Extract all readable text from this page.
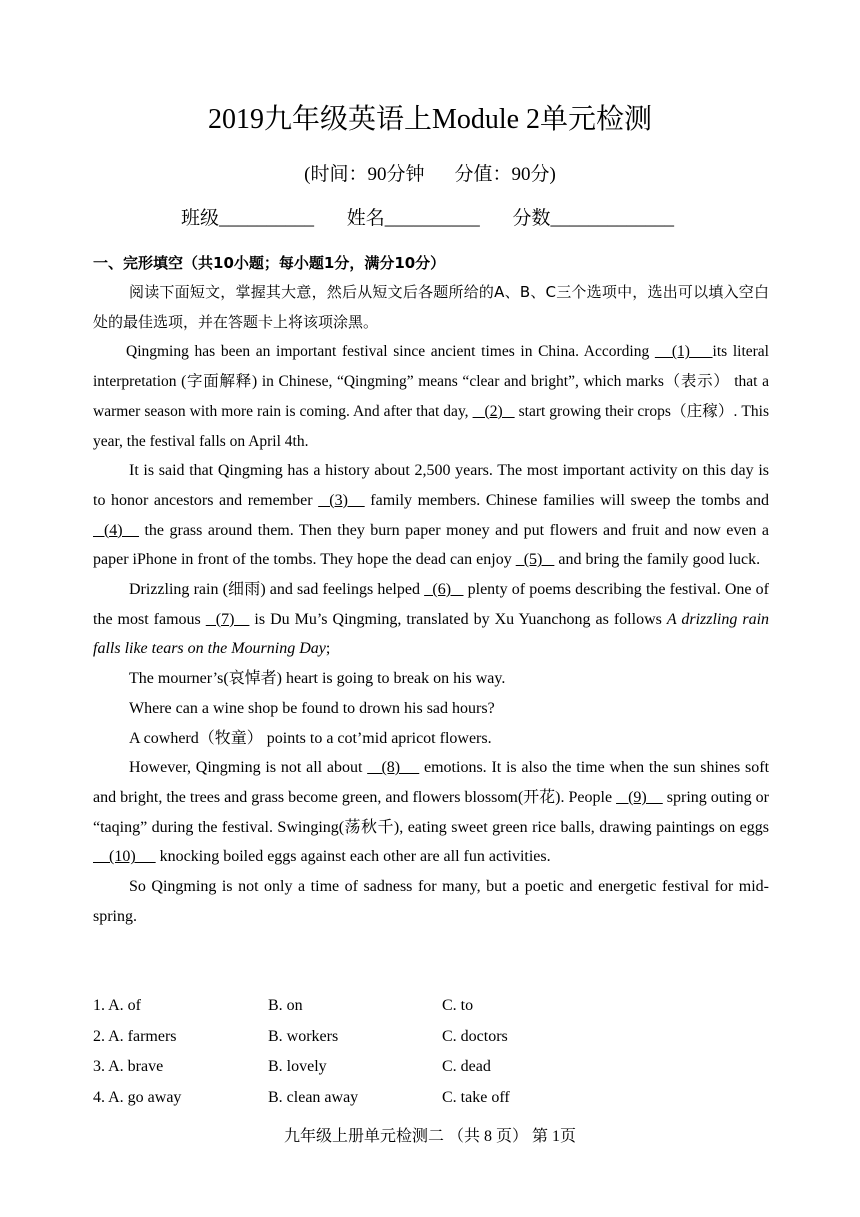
2019九年级英语上Module 2单元检测
(时间：90分钟 分值：90分)
班级__________ 姓名__________ 分数_____________
一、完形填空（共10小题；每小题1分，满分10分）

阅读下面短文，掌握其大意，然后从短文后各题所给的A、B、C三个选项中，选出可以填入空白处的最佳选项，并在答题卡上将该项涂黑。

Qingming has been an important festival since ancient times in China. According    (1)    its literal interpretation (字面解释) in Chinese, “Qingming” means “clear and bright”, which marks（表示） that a warmer season with more rain is coming. And after that day,    (2)    start growing their crops（庄稼）. This year, the festival falls on April 4th.

It is said that Qingming has a history about 2,500 years. The most important activity on this day is to honor ancestors and remember   (3)    family members. Chinese families will sweep the tombs and   (4)    the grass around them. Then they burn paper money and put flowers and fruit and now even a paper iPhone in front of the tombs. They hope the dead can enjoy   (5)    and bring the family good luck.

Drizzling rain (细雨) and sad feelings helped   (6)    plenty of poems describing the festival. One of the most famous   (7)    is Du Mu’s Qingming, translated by Xu Yuanchong as follows A drizzling rain falls like tears on the Mourning Day;

The mourner’s(哀悼者) heart is going to break on his way.

Where can a wine shop be found to drown his sad hours?

A cowherd（牧童） points to a cot’mid apricot flowers.

However, Qingming is not all about    (8)     emotions. It is also the time when the sun shines soft and bright, the trees and grass become green, and flowers blossom(开花). People    (9)     spring outing or “taqing” during the festival. Swinging(荡秋千), eating sweet green rice balls, drawing paintings on eggs     (10)      knocking boiled eggs against each other are all fun activities.

So Qingming is not only a time of sadness for many, but a poetic and energetic festival for mid-spring.

1. A. of	B. on	C. to
2. A. farmers	B. workers	C. doctors
3. A. brave	B. lovely	C. dead
4. A. go away	B. clean away	C. take off
九年级上册单元检测二 （共 8 页） 第 1页
